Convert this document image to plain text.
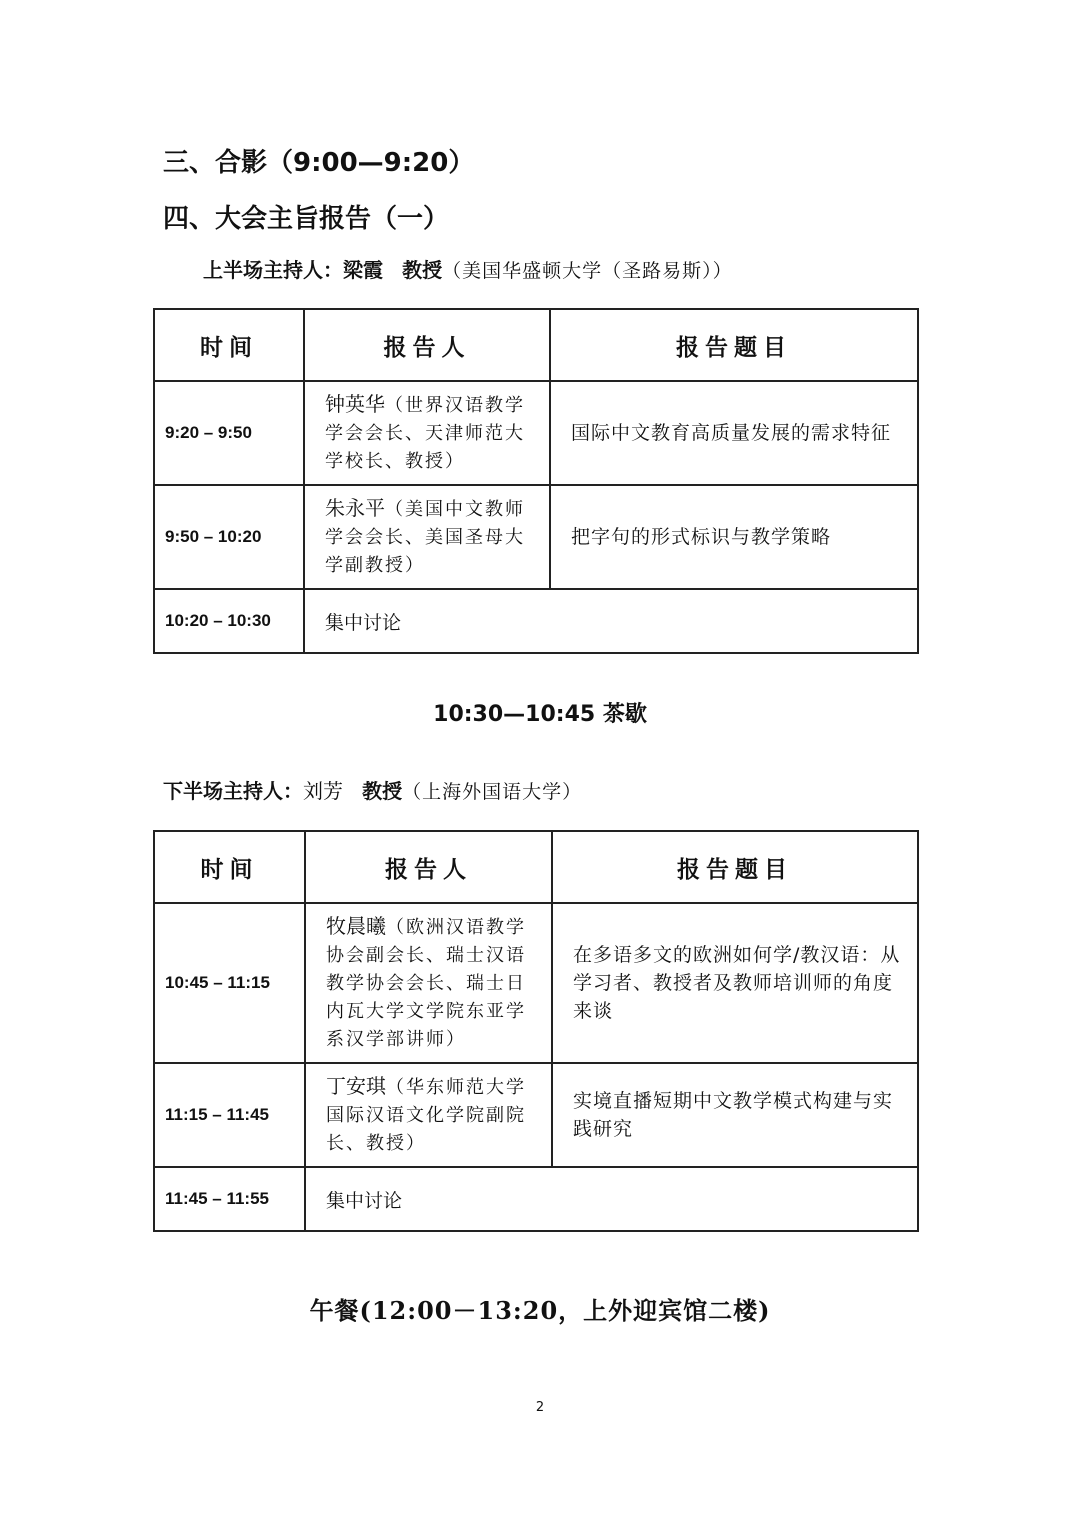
三、合影（9:00—9:20）
四、大会主旨报告（一）
上半场主持人：梁霞 教授（美国华盛顿大学（圣路易斯））
时间	报告人	报告题目
9:20 – 9:50	钟英华（世界汉语教学学会会长、天津师范大学校长、教授）	国际中文教育高质量发展的需求特征
9:50 – 10:20	朱永平（美国中文教师学会会长、美国圣母大学副教授）	把字句的形式标识与教学策略
10:20 – 10:30	集中讨论	
10:30—10:45 茶歇
下半场主持人：刘芳 教授（上海外国语大学）
时间	报告人	报告题目
10:45 – 11:15	牧晨曦（欧洲汉语教学协会副会长、瑞士汉语教学协会会长、瑞士日内瓦大学文学院东亚学系汉学部讲师）	在多语多文的欧洲如何学/教汉语：从学习者、教授者及教师培训师的角度来谈
11:15 – 11:45	丁安琪（华东师范大学国际汉语文化学院副院长、教授）	实境直播短期中文教学模式构建与实践研究
11:45 – 11:55	集中讨论	
午餐(12:00－13:20，上外迎宾馆二楼)
2
